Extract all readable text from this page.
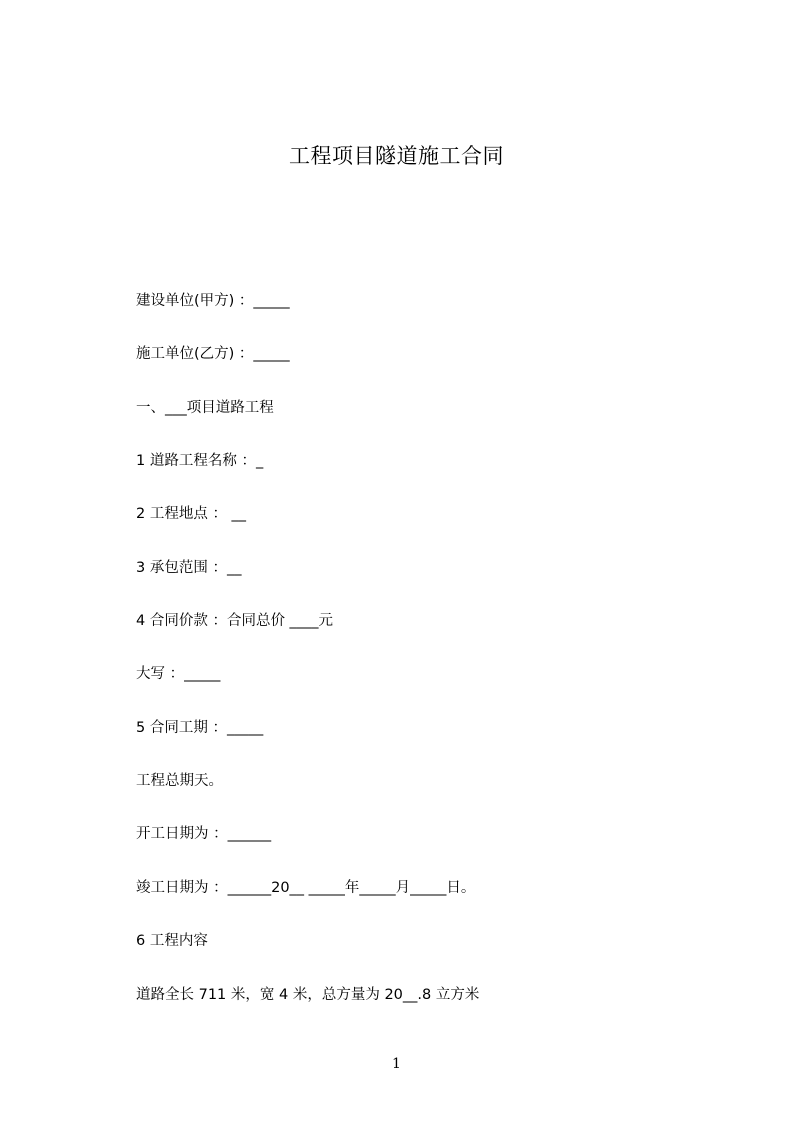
工程项目隧道施工合同

建设单位(甲方) ：_____

施工单位(乙方) ：_____

一、___项目道路工程

1 道路工程名称 ：_

2 工程地点 ： __

3 承包范围 ：__

4 合同价款 ：合同总价 ____元

大写 ：_____

5 合同工期 ：_____

工程总期天。

开工日期为 ：______

竣工日期为 ：______20__ _____年_____月_____日。

6 工程内容

道路全长 711 米，宽 4 米，总方量为 20__.8 立方米

1
